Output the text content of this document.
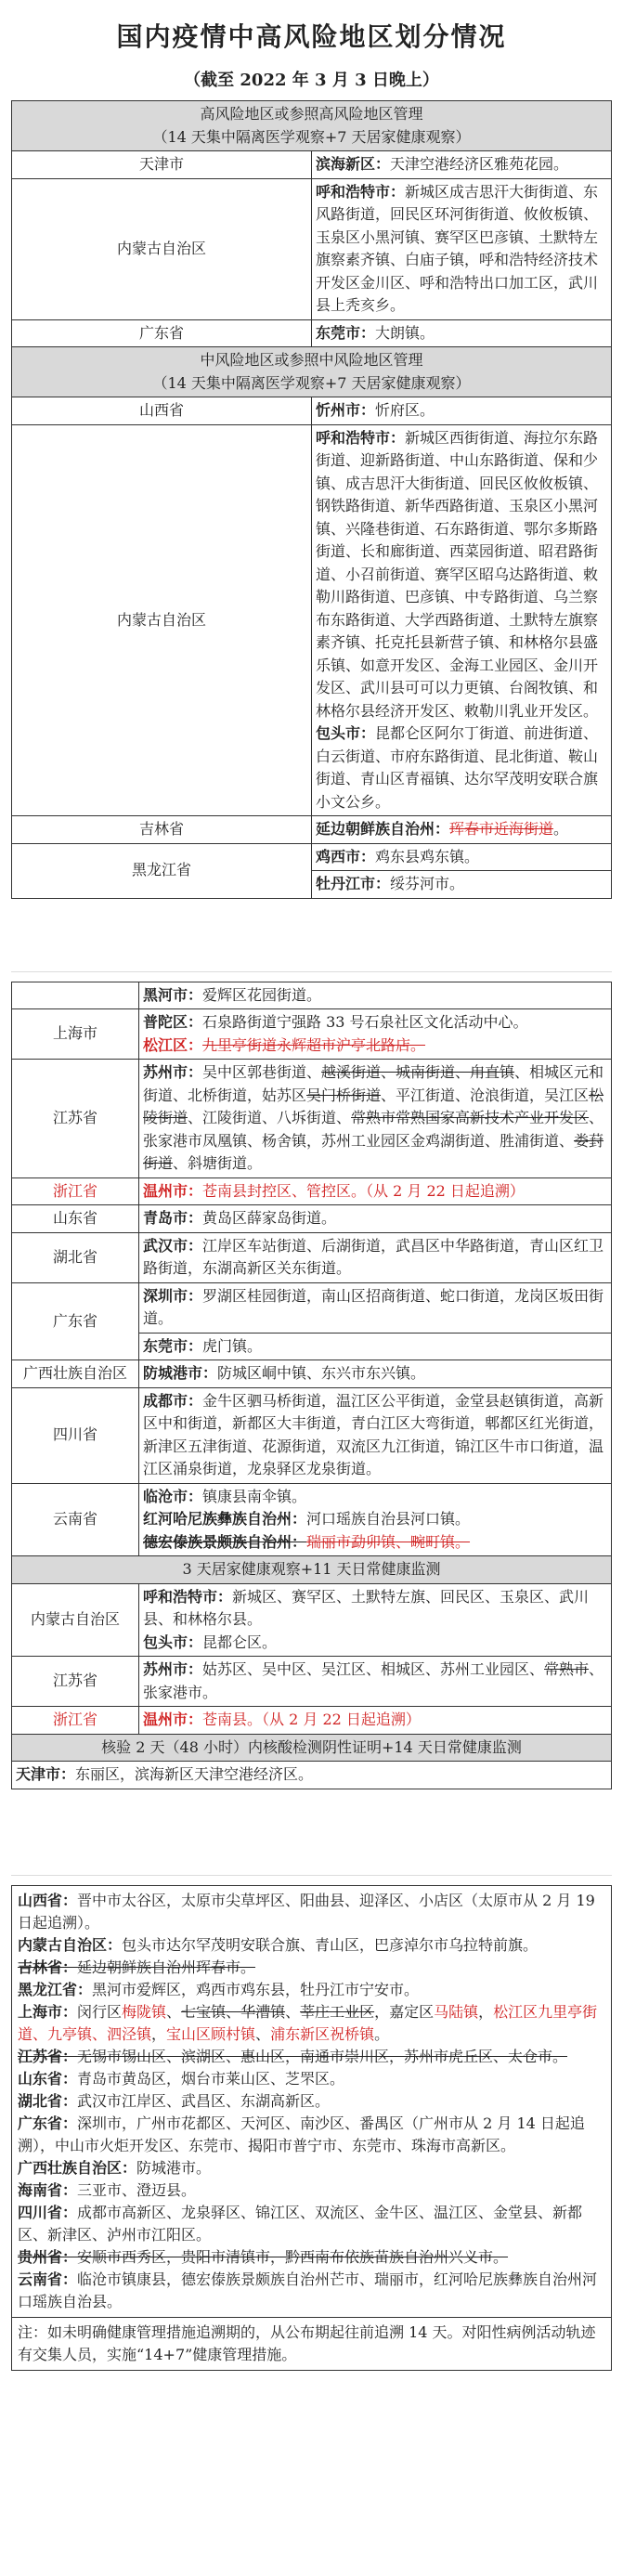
国内疫情中高风险地区划分情况
（截至 2022 年 3 月 3 日晚上）
高风险地区或参照高风险地区管理
（14 天集中隔离医学观察+7 天居家健康观察）	

天津市	滨海新区：天津空港经济区雅苑花园。
内蒙古自治区	呼和浩特市：新城区成吉思汗大街街道、东风路街道，回民区环河街街道、攸攸板镇、玉泉区小黑河镇、赛罕区巴彦镇、土默特左旗察素齐镇、白庙子镇，呼和浩特经济技术开发区金川区、呼和浩特出口加工区，武川县上秃亥乡。
广东省	东莞市：大朗镇。

中风险地区或参照中风险地区管理
（14 天集中隔离医学观察+7 天居家健康观察）	

山西省	忻州市：忻府区。
内蒙古自治区	呼和浩特市：新城区西街街道、海拉尔东路街道、迎新路街道、中山东路街道、保和少镇、成吉思汗大街街道、回民区攸攸板镇、钢铁路街道、新华西路街道、玉泉区小黑河镇、兴隆巷街道、石东路街道、鄂尔多斯路街道、长和廊街道、西菜园街道、昭君路街道、小召前街道、赛罕区昭乌达路街道、敕勒川路街道、巴彦镇、中专路街道、乌兰察布东路街道、大学西路街道、土默特左旗察素齐镇、托克托县新营子镇、和林格尔县盛乐镇、如意开发区、金海工业园区、金川开发区、武川县可可以力更镇、台阁牧镇、和林格尔县经济开发区、敕勒川乳业开发区。
包头市：昆都仑区阿尔丁街道、前进街道、白云街道、市府东路街道、昆北街道、鞍山街道、青山区青福镇、达尔罕茂明安联合旗小文公乡。

吉林省	延边朝鲜族自治州：珲春市近海街道。
黑龙江省	鸡西市：鸡东县鸡东镇。
	牡丹江市：绥芬河市。
	黑河市：爱辉区花园街道。
上海市	普陀区：石泉路街道宁强路 33 号石泉社区文化活动中心。
松江区：九里亭街道永辉超市沪亭北路店。

江苏省	苏州市：吴中区郭巷街道、越溪街道、城南街道、甪直镇、相城区元和街道、北桥街道，姑苏区吴门桥街道、平江街道、沧浪街道，吴江区松陵街道、江陵街道、八坼街道、常熟市常熟国家高新技术产业开发区、张家港市凤凰镇、杨舍镇，苏州工业园区金鸡湖街道、胜浦街道、娄葑街道、斜塘街道。
浙江省	温州市：苍南县封控区、管控区。（从 2 月 22 日起追溯）
山东省	青岛市：黄岛区薛家岛街道。
湖北省	武汉市：江岸区车站街道、后湖街道，武昌区中华路街道，青山区红卫路街道，东湖高新区关东街道。
广东省	深圳市：罗湖区桂园街道，南山区招商街道、蛇口街道，龙岗区坂田街道。
	东莞市：虎门镇。
广西壮族自治区	防城港市：防城区峒中镇、东兴市东兴镇。
四川省	成都市：金牛区驷马桥街道，温江区公平街道，金堂县赵镇街道，高新区中和街道，新都区大丰街道，青白江区大弯街道，郫都区红光街道，新津区五津街道、花源街道，双流区九江街道，锦江区牛市口街道，温江区涌泉街道，龙泉驿区龙泉街道。
云南省	临沧市：镇康县南伞镇。
红河哈尼族彝族自治州：河口瑶族自治县河口镇。
德宏傣族景颇族自治州：瑞丽市勐卯镇、畹町镇。

3 天居家健康观察+11 天日常健康监测	
内蒙古自治区	呼和浩特市：新城区、赛罕区、土默特左旗、回民区、玉泉区、武川县、和林格尔县。
包头市：昆都仑区。

江苏省	苏州市：姑苏区、吴中区、吴江区、相城区、苏州工业园区、常熟市、张家港市。
浙江省	温州市：苍南县。（从 2 月 22 日起追溯）
核验 2 天（48 小时）内核酸检测阴性证明+14 天日常健康监测	
天津市：东丽区，滨海新区天津空港经济区。	
山西省：晋中市太谷区，太原市尖草坪区、阳曲县、迎泽区、小店区（太原市从 2 月 19 日起追溯）。
内蒙古自治区：包头市达尔罕茂明安联合旗、青山区，巴彦淖尔市乌拉特前旗。
吉林省：延边朝鲜族自治州珲春市。
黑龙江省：黑河市爱辉区，鸡西市鸡东县，牡丹江市宁安市。
上海市：闵行区梅陇镇、七宝镇、华漕镇、莘庄工业区，嘉定区马陆镇，松江区九里亭街道、九亭镇、泗泾镇，宝山区顾村镇、浦东新区祝桥镇。
江苏省：无锡市锡山区、滨湖区、惠山区，南通市崇川区，苏州市虎丘区、太仓市。
山东省：青岛市黄岛区，烟台市莱山区、芝罘区。
湖北省：武汉市江岸区、武昌区、东湖高新区。
广东省：深圳市，广州市花都区、天河区、南沙区、番禺区（广州市从 2 月 14 日起追溯），中山市火炬开发区、东莞市、揭阳市普宁市、东莞市、珠海市高新区。
广西壮族自治区：防城港市。
海南省：三亚市、澄迈县。
四川省：成都市高新区、龙泉驿区、锦江区、双流区、金牛区、温江区、金堂县、新都区、新津区、泸州市江阳区。
贵州省：安顺市西秀区，贵阳市清镇市，黔西南布依族苗族自治州兴义市。
云南省：临沧市镇康县，德宏傣族景颇族自治州芒市、瑞丽市，红河哈尼族彝族自治州河口瑶族自治县。

注：如未明确健康管理措施追溯期的，从公布期起往前追溯 14 天。对阳性病例活动轨迹有交集人员，实施“14+7”健康管理措施。
